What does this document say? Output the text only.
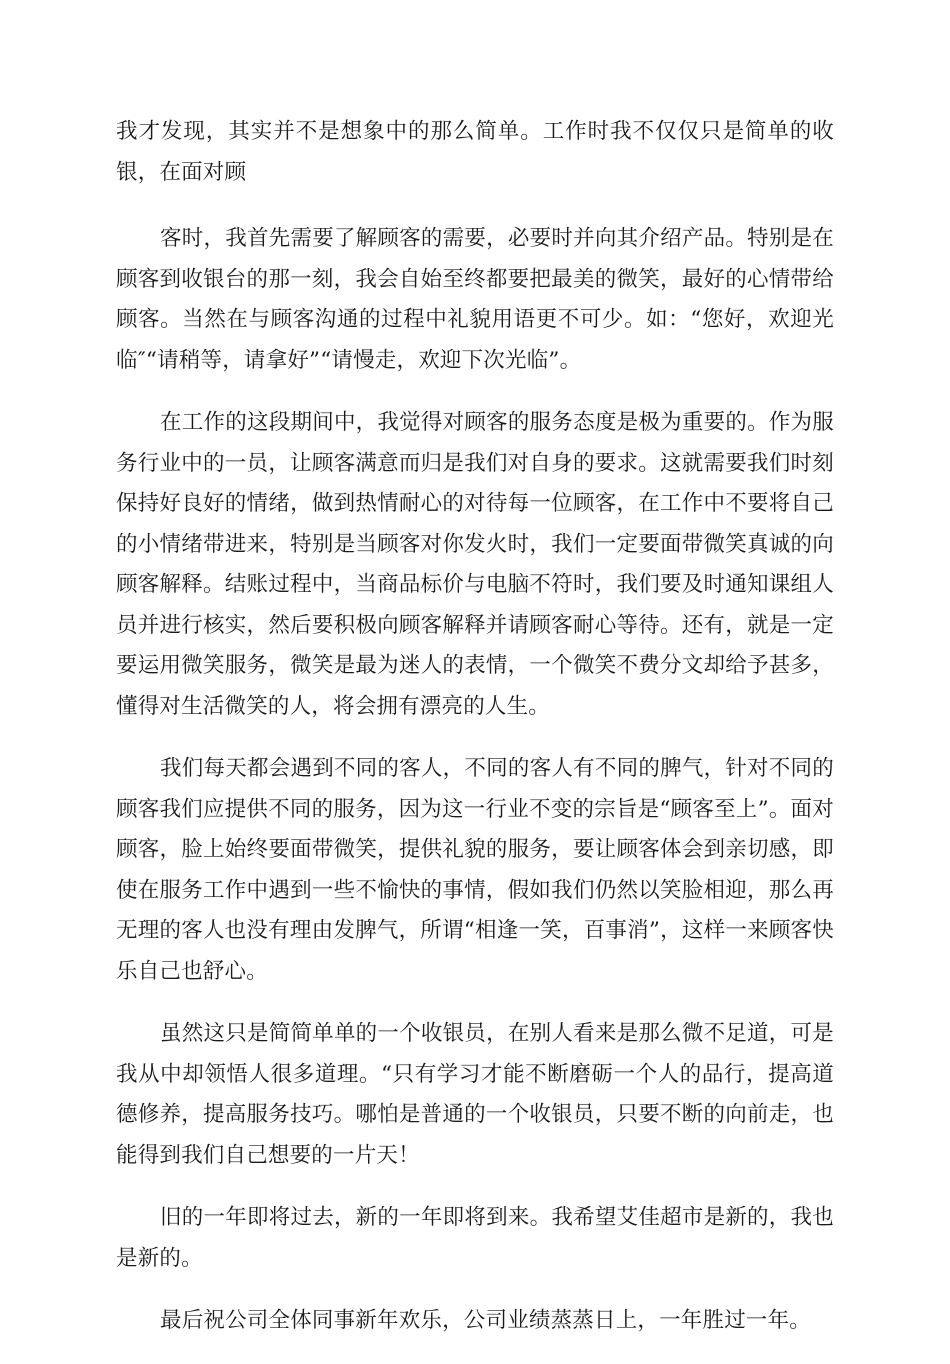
我才发现，其实并不是想象中的那么简单。工作时我不仅仅只是简单的收银，在面对顾

客时，我首先需要了解顾客的需要，必要时并向其介绍产品。特别是在顾客到收银台的那一刻，我会自始至终都要把最美的微笑，最好的心情带给顾客。当然在与顾客沟通的过程中礼貌用语更不可少。如：“您好，欢迎光临″“请稍等，请拿好”“请慢走，欢迎下次光临”。

在工作的这段期间中，我觉得对顾客的服务态度是极为重要的。作为服务行业中的一员，让顾客满意而归是我们对自身的要求。这就需要我们时刻保持好良好的情绪，做到热情耐心的对待每一位顾客，在工作中不要将自己的小情绪带进来，特别是当顾客对你发火时，我们一定要面带微笑真诚的向顾客解释。结账过程中，当商品标价与电脑不符时，我们要及时通知课组人员并进行核实，然后要积极向顾客解释并请顾客耐心等待。还有，就是一定要运用微笑服务，微笑是最为迷人的表情，一个微笑不费分文却给予甚多，懂得对生活微笑的人，将会拥有漂亮的人生。

我们每天都会遇到不同的客人，不同的客人有不同的脾气，针对不同的顾客我们应提供不同的服务，因为这一行业不变的宗旨是“顾客至上”。面对顾客，脸上始终要面带微笑，提供礼貌的服务，要让顾客体会到亲切感，即使在服务工作中遇到一些不愉快的事情，假如我们仍然以笑脸相迎，那么再无理的客人也没有理由发脾气，所谓“相逢一笑，百事消”，这样一来顾客快乐自己也舒心。

虽然这只是简简单单的一个收银员，在别人看来是那么微不足道，可是我从中却领悟人很多道理。“只有学习才能不断磨砺一个人的品行，提高道德修养，提高服务技巧。哪怕是普通的一个收银员，只要不断的向前走，也能得到我们自己想要的一片天！

旧的一年即将过去，新的一年即将到来。我希望艾佳超市是新的，我也是新的。

最后祝公司全体同事新年欢乐，公司业绩蒸蒸日上，一年胜过一年。
